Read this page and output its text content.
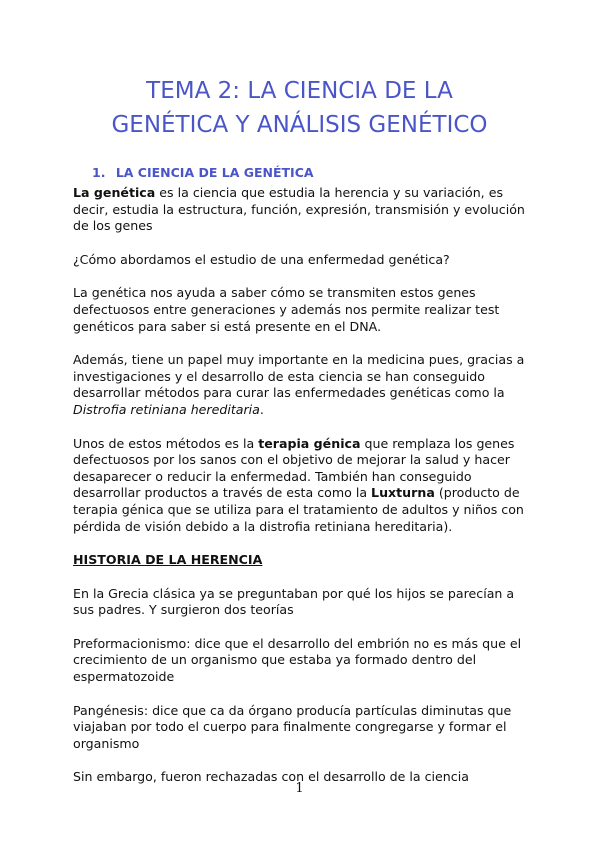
TEMA 2: LA CIENCIA DE LA
GENÉTICA Y ANÁLISIS GENÉTICO
1. LA CIENCIA DE LA GENÉTICA

La genética es la ciencia que estudia la herencia y su variación, es decir, estudia la estructura, función, expresión, transmisión y evolución de los genes

¿Cómo abordamos el estudio de una enfermedad genética?

La genética nos ayuda a saber cómo se transmiten estos genes defectuosos entre generaciones y además nos permite realizar test genéticos para saber si está presente en el DNA.

Además, tiene un papel muy importante en la medicina pues, gracias a investigaciones y el desarrollo de esta ciencia se han conseguido desarrollar métodos para curar las enfermedades genéticas como la Distrofia retiniana hereditaria.

Unos de estos métodos es la terapia génica que remplaza los genes defectuosos por los sanos con el objetivo de mejorar la salud y hacer desaparecer o reducir la enfermedad. También han conseguido desarrollar productos a través de esta como la Luxturna (producto de terapia génica que se utiliza para el tratamiento de adultos y niños con pérdida de visión debido a la distrofia retiniana hereditaria).

HISTORIA DE LA HERENCIA

En la Grecia clásica ya se preguntaban por qué los hijos se parecían a sus padres. Y surgieron dos teorías

Preformacionismo: dice que el desarrollo del embrión no es más que el crecimiento de un organismo que estaba ya formado dentro del espermatozoide

Pangénesis: dice que ca da órgano producía partículas diminutas que viajaban por todo el cuerpo para finalmente congregarse y formar el organismo

Sin embargo, fueron rechazadas con el desarrollo de la ciencia

1
